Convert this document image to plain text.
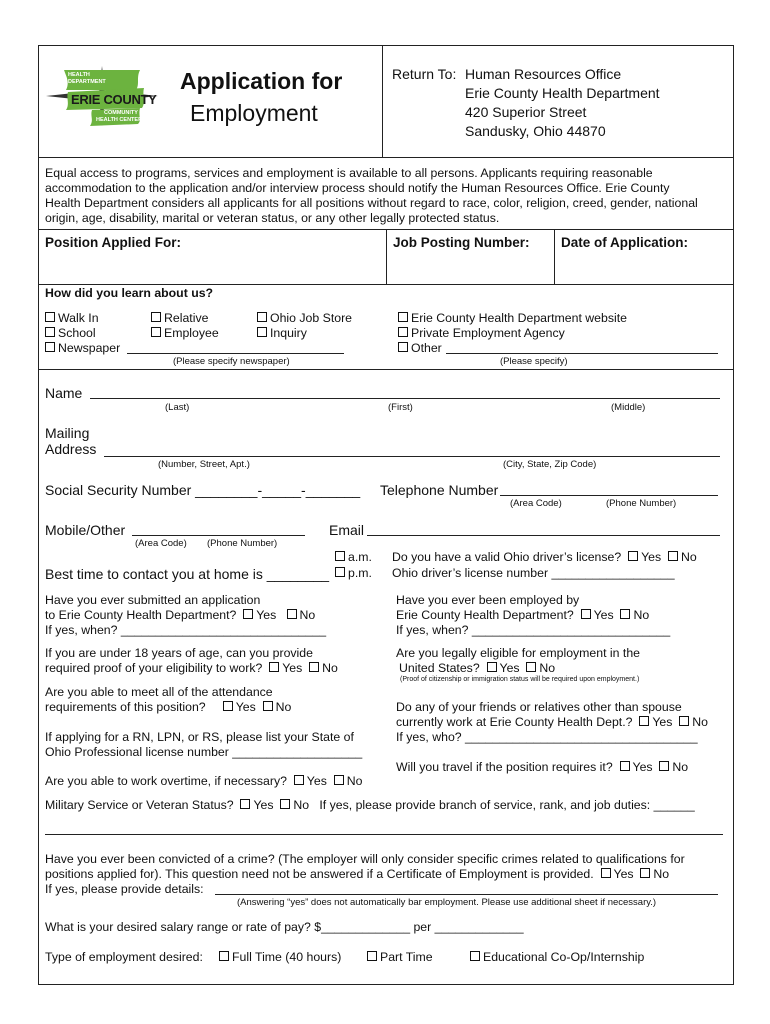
HEALTH
DEPARTMENT
ERIE COUNTY
COMMUNITY
HEALTH CENTER
Application for
Employment
Return To: Human Resources Office
Erie County Health Department
420 Superior Street
Sandusky, Ohio 44870
Equal access to programs, services and employment is available to all persons. Applicants requiring reasonable
accommodation to the application and/or interview process should notify the Human Resources Office. Erie County
Health Department considers all applicants for all positions without regard to race, color, religion, creed, gender, national
origin, age, disability, marital or veteran status, or any other legally protected status.
Position Applied For:	Job Posting Number: Date of Application:
How did you learn about us?
Walk In	Relative	Ohio Job Store	Erie County Health Department website
School	Employee	Inquiry	Private Employment Agency
Newspaper	Other
(Please specify newspaper)	(Please specify)
Name
(Last)	(First)	(Middle)
Mailing
Address
(Number, Street, Apt.)	(City, State, Zip Code)
Social Security Number ________-_____-_______ Telephone Number
(Area Code)	(Phone Number)
Mobile/Other
(Area Code) (Phone Number)
Email
a.m.
Best time to contact you at home is ________	p.m.
Do you have a valid Ohio driver’s license? Yes No
Ohio driver’s license number __________________
Have you ever submitted an application
to Erie County Health Department? Yes No
If yes, when? ______________________________
Have you ever been employed by
Erie County Health Department? Yes No
If yes, when? _____________________________
If you are under 18 years of age, can you provide
required proof of your eligibility to work? Yes No
Are you legally eligible for employment in the
United States? Yes No
(Proof of citizenship or immigration status will be required upon employment.)
Are you able to meet all of the attendance
requirements of this position? Yes No	Do any of your friends or relatives other than spouse
currently work at Erie County Health Dept.? Yes No
If yes, who? __________________________________
If applying for a RN, LPN, or RS, please list your State of
Ohio Professional license number ___________________
Will you travel if the position requires it? Yes No
Are you able to work overtime, if necessary? Yes No
Military Service or Veteran Status? Yes No If yes, please provide branch of service, rank, and job duties: ______
Have you ever been convicted of a crime? (The employer will only consider specific crimes related to qualifications for
positions applied for). This question need not be answered if a Certificate of Employment is provided. Yes No
If yes, please provide details:
(Answering “yes” does not automatically bar employment. Please use additional sheet if necessary.)
What is your desired salary range or rate of pay? $_____________ per _____________
Type of employment desired:	Full Time (40 hours)	Part Time	Educational Co-Op/Internship
